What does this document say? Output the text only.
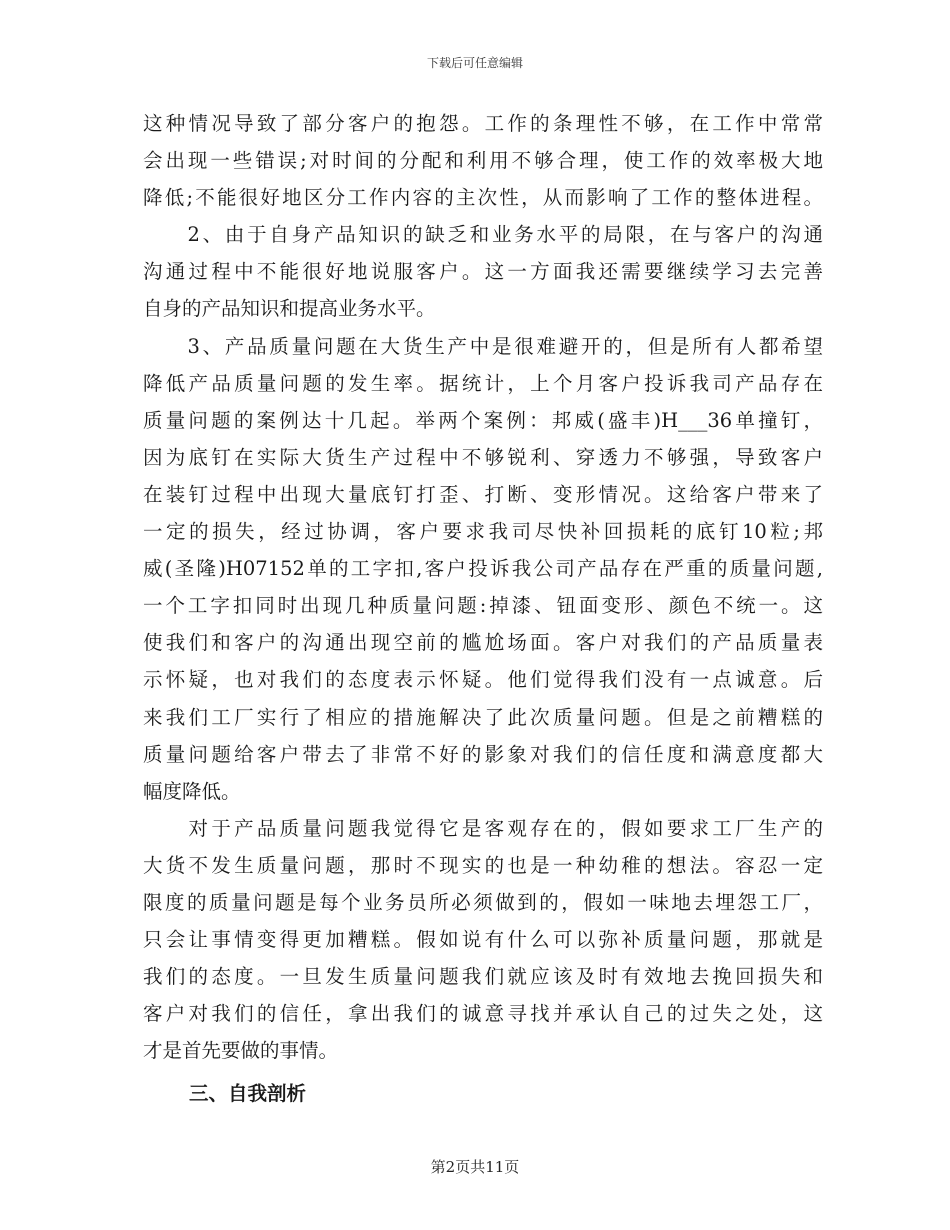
下载后可任意编辑
这种情况导致了部分客户的抱怨。工作的条理性不够，在工作中常常
会出现一些错误;对时间的分配和利用不够合理，使工作的效率极大地
降低;不能很好地区分工作内容的主次性，从而影响了工作的整体进程。
　　2、由于自身产品知识的缺乏和业务水平的局限，在与客户的沟通
沟通过程中不能很好地说服客户。这一方面我还需要继续学习去完善
自身的产品知识和提高业务水平。
　　3、产品质量问题在大货生产中是很难避开的，但是所有人都希望
降低产品质量问题的发生率。据统计，上个月客户投诉我司产品存在
质量问题的案例达十几起。举两个案例：邦威(盛丰)H___36单撞钉，
因为底钉在实际大货生产过程中不够锐利、穿透力不够强，导致客户
在装钉过程中出现大量底钉打歪、打断、变形情况。这给客户带来了
一定的损失，经过协调，客户要求我司尽快补回损耗的底钉10粒;邦
威(圣隆)H07152单的工字扣,客户投诉我公司产品存在严重的质量问题,
一个工字扣同时出现几种质量问题:掉漆、钮面变形、颜色不统一。这
使我们和客户的沟通出现空前的尴尬场面。客户对我们的产品质量表
示怀疑，也对我们的态度表示怀疑。他们觉得我们没有一点诚意。后
来我们工厂实行了相应的措施解决了此次质量问题。但是之前糟糕的
质量问题给客户带去了非常不好的影象对我们的信任度和满意度都大
幅度降低。
　　对于产品质量问题我觉得它是客观存在的，假如要求工厂生产的
大货不发生质量问题，那时不现实的也是一种幼稚的想法。容忍一定
限度的质量问题是每个业务员所必须做到的，假如一味地去埋怨工厂，
只会让事情变得更加糟糕。假如说有什么可以弥补质量问题，那就是
我们的态度。一旦发生质量问题我们就应该及时有效地去挽回损失和
客户对我们的信任，拿出我们的诚意寻找并承认自己的过失之处，这
才是首先要做的事情。
三、自我剖析
第2页共11页
